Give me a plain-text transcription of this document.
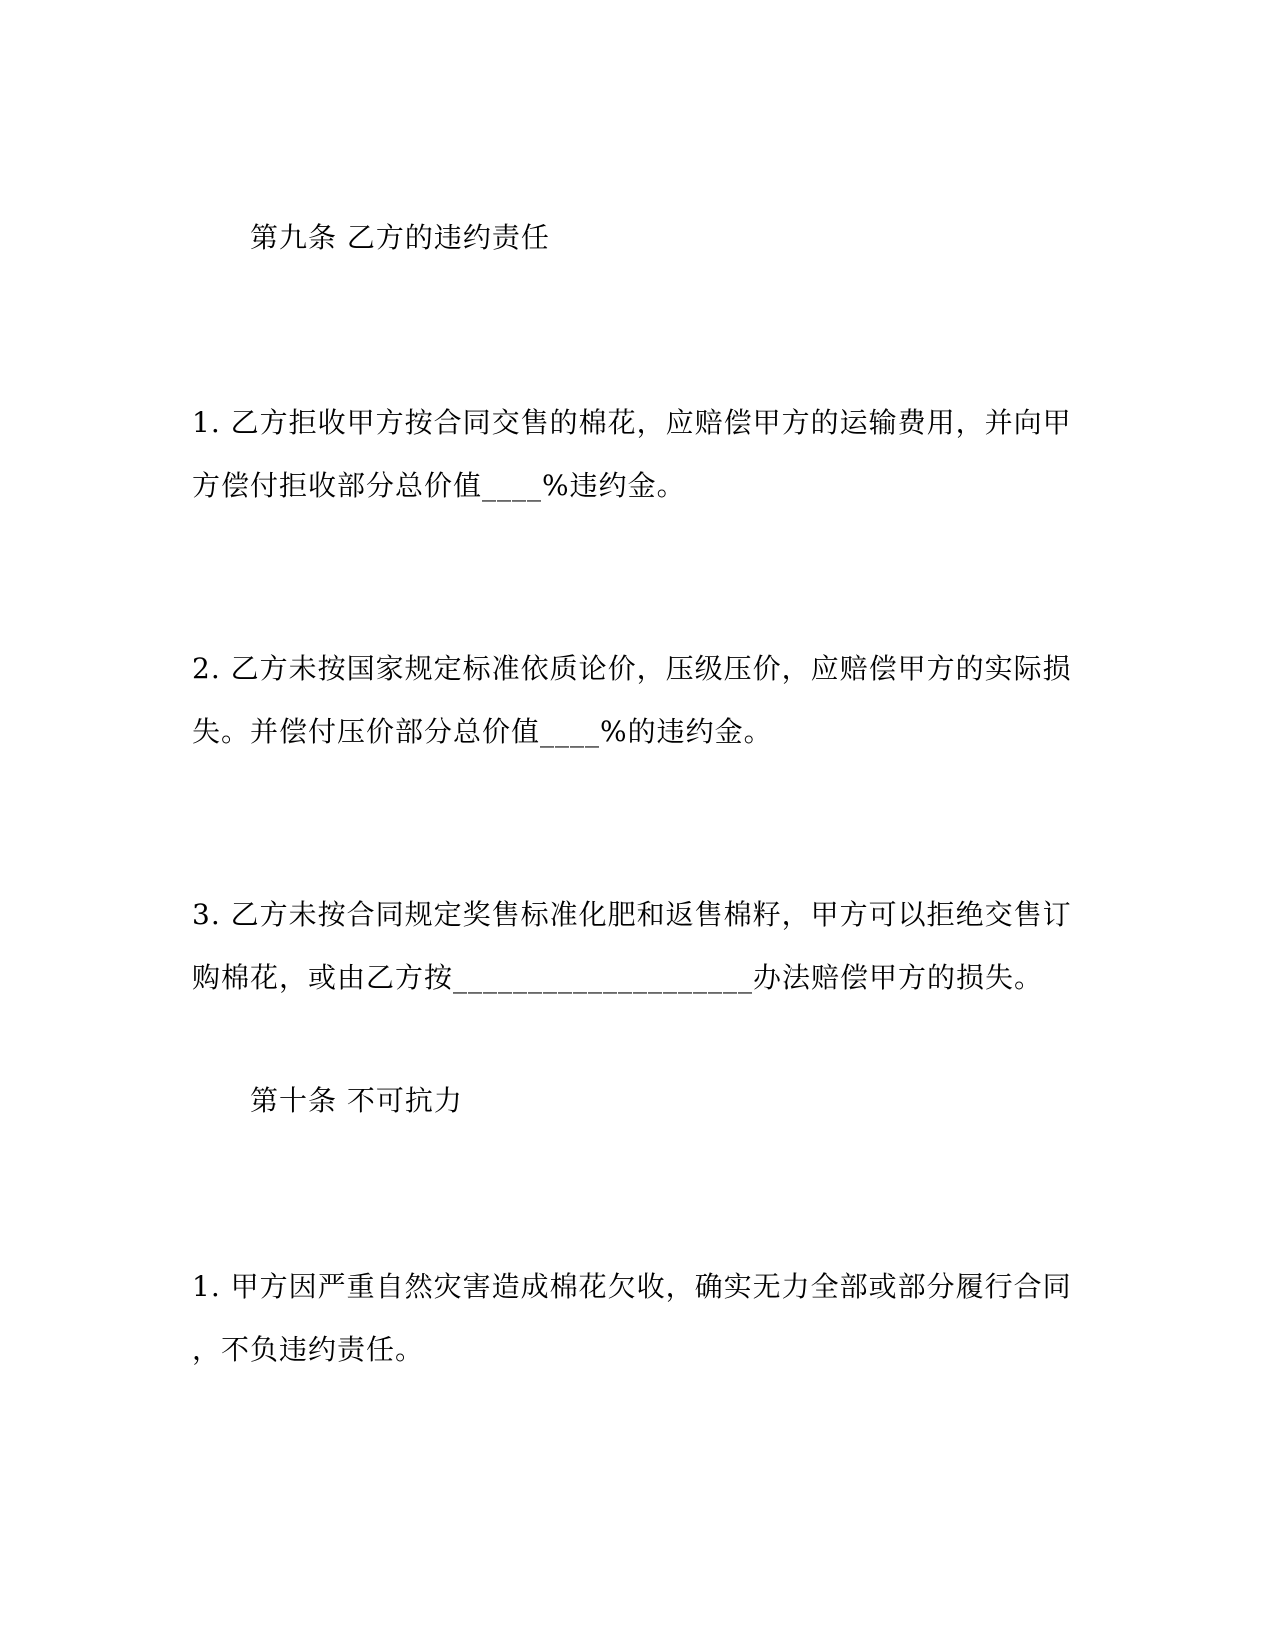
第九条 乙方的违约责任
1. 乙方拒收甲方按合同交售的棉花，应赔偿甲方的运输费用，并向甲
方偿付拒收部分总价值____%违约金。
2. 乙方未按国家规定标准依质论价，压级压价，应赔偿甲方的实际损
失。并偿付压价部分总价值____%的违约金。
3. 乙方未按合同规定奖售标准化肥和返售棉籽，甲方可以拒绝交售订
购棉花，或由乙方按____________________办法赔偿甲方的损失。
第十条 不可抗力
1. 甲方因严重自然灾害造成棉花欠收，确实无力全部或部分履行合同
，不负违约责任。
